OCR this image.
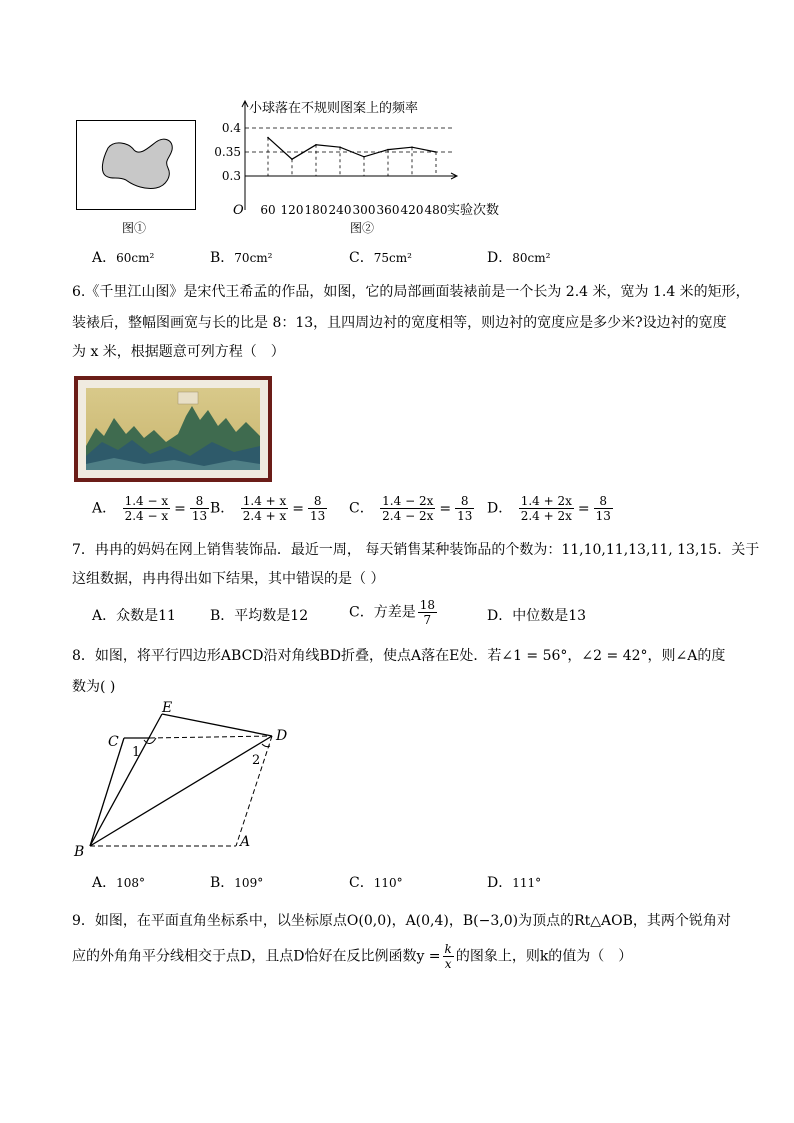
图①
小球落在不规则图案上的频率
O
0.4
0.35
0.3
60 120 180 240 300 360 420 480 实验次数
图②
A．60cm²	B．70cm²	C．75cm²	D．80cm²
6.《千里江山图》是宋代王希孟的作品，如图，它的局部画面装裱前是一个长为 2.4 米，宽为 1.4 米的矩形，
装裱后，整幅图画宽与长的比是 8：13，且四周边衬的宽度相等，则边衬的宽度应是多少米?设边衬的宽度
为 x 米，根据题意可列方程（　）
A． $\frac{1.4 - x}{2.4 - x} = \frac{8}{13}$ B． $\frac{1.4 + x}{2.4 + x} = \frac{8}{13}$ C． $\frac{1.4 - 2x}{2.4 - 2x} = \frac{8}{13}$ D． $\frac{1.4 + 2x}{2.4 + 2x} = \frac{8}{13}$
7．冉冉的妈妈在网上销售装饰品．最近一周， 每天销售某种装饰品的个数为：11,10,11,13,11, 13,15．关于
这组数据，冉冉得出如下结果，其中错误的是（ ）
A．众数是11 B．平均数是12	C．方差是 $\frac{18}{7}$	D．中位数是13
8．如图，将平行四边形ABCD沿对角线BD折叠，使点A落在E处．若∠1 = 56°，∠2 = 42°，则∠A的度
数为( )
E
C	D
B
A
1
2
A．108°	B．109°	C．110°	D．111°
9．如图，在平面直角坐标系中，以坐标原点O(0,0)，A(0,4)，B(−3,0)为顶点的Rt△AOB，其两个锐角对
应的外角角平分线相交于点D，且点D恰好在反比例函数$y = \frac{k}{x}$ 的图象上，则k的值为（　）
